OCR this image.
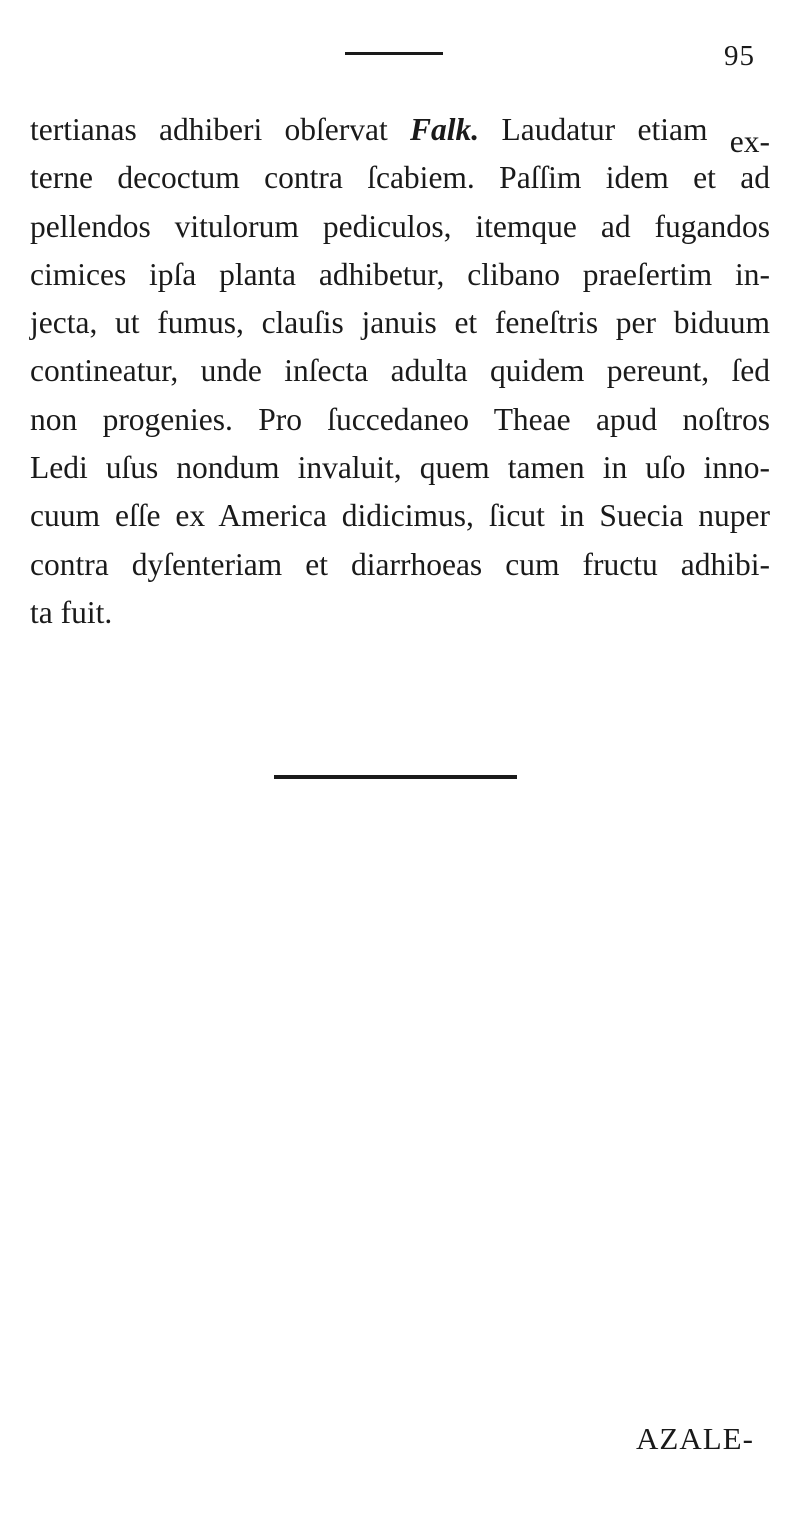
95
tertianas adhiberi obſervat Falk. Laudatur etiam ex-
terne decoctum contra ſcabiem. Paſſim idem et ad
pellendos vitulorum pediculos, itemque ad fugandos
cimices ipſa planta adhibetur, clibano praeſertim in-
jecta, ut fumus, clauſis januis et feneſtris per biduum
contineatur, unde inſecta adulta quidem pereunt, ſed
non progenies. Pro ſuccedaneo Theae apud noſtros
Ledi uſus nondum invaluit, quem tamen in uſo inno-
cuum eſſe ex America didicimus, ſicut in Suecia nuper
contra dyſenteriam et diarrhoeas cum fructu adhibi-
ta fuit.
AZALE-
